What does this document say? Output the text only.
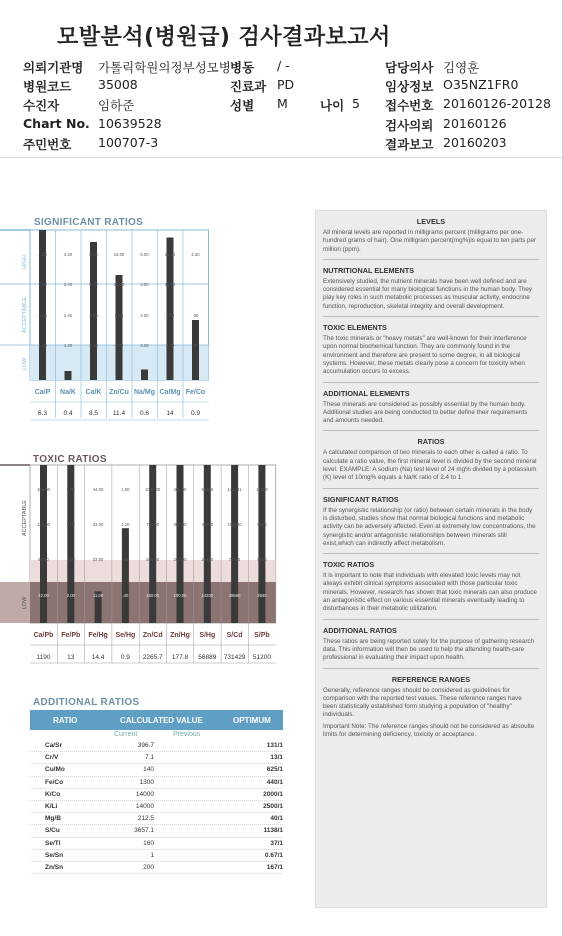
모발분석(병원급) 검사결과보고서
의뢰기관명 가톨릭학원의정부성모병 병동 / -	담당의사 김영훈
병원코드 35008	진료과 PD	임상정보 O35NZ1FR0
수진자	임하준	성별 M	나이 5 접수번호 20160126-20128
Chart No. 10639528	검사의뢰 20160126
주민번호 100707-3	결과보고 20160203
SIGNIFICANT RATIOS
HIGH
ACCEPTABLE
LOW
4.80
3.80
2.60
1.60
Ca/P
6.3
4.40
3.40
2.40
1.40
Na/K
0.4
8.20
6.20
4.20
2.20
Ca/K
8.5
16.00
12.00
8.00
4.00
Zn/Cu
11.4
6.00
4.00
4.00
2.00
Na/Mg
0.6
15.00
11.00
7.00
3.00
Ca/Mg
14
2.30
.90
.50
Fe/Co
0.9
TOXIC RATIOS
ACCEPTABLE
LOW
168.00
126.00
84.00
42.00
Ca/Pb
1190
8.00
6.00
4.00
2.00
Fe/Pb
13
44.00
33.00
22.00
11.00
Fe/Hg
14.4
1.60
1.20
.80
.40
Se/Hg
0.9
1000.00
750.00
500.00
250.00
Zn/Cd
2265.7
400.00
300.00
200.00
100.00
Zn/Hg
177.8
56800
42600
28400
14200
S/Hg
56889
142231
106680
71120
35560
S/Cd
731429
11360
8520
5680
2840
S/Pb
51200
ADDITIONAL RATIOS
RATIO	CALCULATED VALUE	OPTIMUM
Current	Previous
Ca/Sr	396.7	131/1
Cr/V	7.1	13/1
Cu/Mo	140	625/1
Fe/Co	1300	440/1
K/Co	14000	2000/1
K/Li	14000	2500/1
Mg/B	212.5	40/1
S/Cu	3657.1	1138/1
Se/Tl	160	37/1
Se/Sn	1	0.67/1
Zn/Sn	200	167/1
LEVELS

All mineral levels are reported in milligrams percent (milligrams per one-hundred grams of hair). One milligram percent(mg%)is equal to ten parts per million (ppm).

NUTRITIONAL ELEMENTS

Extensively studied, the nutrient minerals have been well defined and are considered essential for many biological functions in the human body. They play key roles in such metabolic processes as muscular activity, endocrine function, reproduction, skeletal integrity and overall development.

TOXIC ELEMENTS

The toxic minerals or "heavy metals" are well-known for their interference upon normal biochemical function. They are commonly found in the environment and therefore are present to some degree, in all biological systems. However, these metals clearly pose a concern for toxicity when accumulation occurs to excess.

ADDITIONAL ELEMENTS

These minerals are considered as possibly essential by the human body. Additional studies are being conducted to better define their requirements and amounts needed.

RATIOS

A calculated comparison of two minerals to each other is called a ratio. To calculate a ratio value, the first mineral level is divided by the second mineral level. EXAMPLE: A sodium (Na) test level of 24 mg% divided by a potassium (K) level of 10mg% equals a Na/K ratio of 2.4 to 1.

SIGNIFICANT RATIOS

If the synergistic relationship (or ratio) between certain minerals in the body is disturbed, studies show that normal biological functions and metabolic activity can be adversely affected. Even at extremely low concentrations, the synergistic and/or antagonistic relationships between minerals still exist,which can indirectly affect metabolism.

TOXIC RATIOS

It is important to note that individuals with elevated toxic levels may not always exhibit clinical symptoms associated with those particular toxic minerals. However, research has shown that toxic minerals can also produce an antagonistic effect on various essential minerals eventually leading to disturbances in their metabolic utilization.

ADDITIONAL RATIOS

These ratios are being reported solely for the purpose of gathering research data. This information will then be used to help the attending health-care professional in evaluating their impact upon health.

REFERENCE RANGES

Generally, reference ranges should be considered as guidelines for comparison with the reported test values. These reference ranges have been statistically established form studying a population of "healthy" individuals.

Important Note: The reference ranges should not be considered as absoulte limits for determining deficiency, toxicity or acceptance.
